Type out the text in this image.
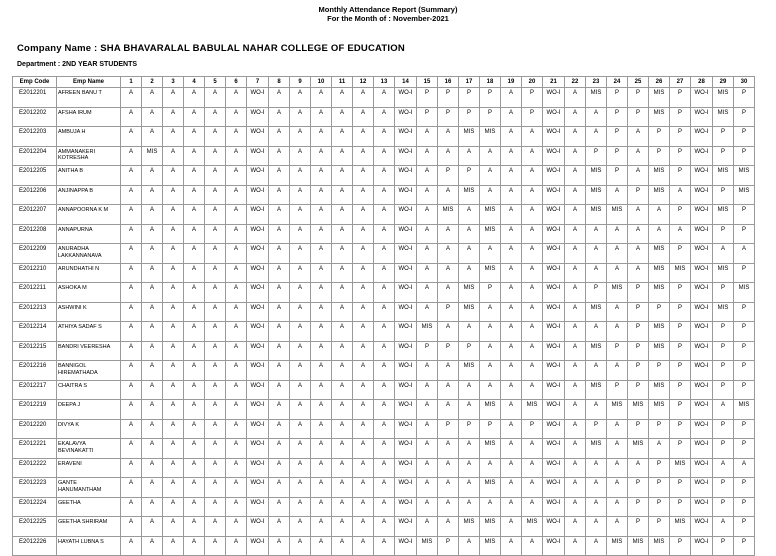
Monthly Attendance Report (Summary)
For the Month of : November-2021
Company Name : SHA BHAVARALAL BABULAL NAHAR COLLEGE OF EDUCATION
Department : 2ND YEAR STUDENTS
Emp Code	Emp Name	1	2	3	4	5	6	7	8	9	10	11	12	13	14	15	16	17	18	19	20	21	22	23	24	25	26	27	28	29	30
E2012201	AFREEN BANU T	A	A	A	A	A	A	WO-I	A	A	A	A	A	A	WO-I	P	P	P	P	A	P	WO-I	A	MIS	P	P	MIS	P	WO-I	MIS	P
E2012202	AFSHA IRUM	A	A	A	A	A	A	WO-I	A	A	A	A	A	A	WO-I	P	P	P	P	A	P	WO-I	A	A	P	P	MIS	P	WO-I	MIS	P
E2012203	AMBUJA H	A	A	A	A	A	A	WO-I	A	A	A	A	A	A	WO-I	A	A	MIS	MIS	A	A	WO-I	A	A	P	A	P	P	WO-I	P	P
E2012204	AMMANAKERI KOTRESHA	A	MIS	A	A	A	A	WO-I	A	A	A	A	A	A	WO-I	A	A	A	A	A	A	WO-I	A	P	P	A	P	P	WO-I	P	P
E2012205	ANITHA B	A	A	A	A	A	A	WO-I	A	A	A	A	A	A	WO-I	A	P	P	A	A	A	WO-I	A	MIS	P	A	MIS	P	WO-I	MIS	MIS
E2012206	ANJINAPPA B	A	A	A	A	A	A	WO-I	A	A	A	A	A	A	WO-I	A	A	MIS	A	A	A	WO-I	A	MIS	A	P	MIS	A	WO-I	P	MIS
E2012207	ANNAPOORNA K M	A	A	A	A	A	A	WO-I	A	A	A	A	A	A	WO-I	A	MIS	A	MIS	A	A	WO-I	A	MIS	MIS	A	A	P	WO-I	MIS	P
E2012208	ANNAPURNA	A	A	A	A	A	A	WO-I	A	A	A	A	A	A	WO-I	A	A	A	MIS	A	A	WO-I	A	A	A	A	A	A	WO-I	P	P
E2012209	ANURADHA LAKKANNANAVA	A	A	A	A	A	A	WO-I	A	A	A	A	A	A	WO-I	A	A	A	A	A	A	WO-I	A	A	A	A	MIS	P	WO-I	A	A
E2012210	ARUNDHATHI N	A	A	A	A	A	A	WO-I	A	A	A	A	A	A	WO-I	A	A	A	MIS	A	A	WO-I	A	A	A	A	MIS	MIS	WO-I	MIS	P
E2012211	ASHOKA M	A	A	A	A	A	A	WO-I	A	A	A	A	A	A	WO-I	A	A	MIS	P	A	A	WO-I	A	P	MIS	P	MIS	P	WO-I	P	MIS
E2012213	ASHWINI K	A	A	A	A	A	A	WO-I	A	A	A	A	A	A	WO-I	A	P	MIS	A	A	A	WO-I	A	MIS	A	P	P	P	WO-I	MIS	P
E2012214	ATHIYA SADAF S	A	A	A	A	A	A	WO-I	A	A	A	A	A	A	WO-I	MIS	A	A	A	A	A	WO-I	A	A	A	P	MIS	P	WO-I	P	P
E2012215	BANDRI VEERESHA	A	A	A	A	A	A	WO-I	A	A	A	A	A	A	WO-I	P	P	P	A	A	A	WO-I	A	MIS	P	P	MIS	P	WO-I	P	P
E2012216	BANNIGOL HIREMATHADA	A	A	A	A	A	A	WO-I	A	A	A	A	A	A	WO-I	A	A	MIS	A	A	A	WO-I	A	A	A	P	P	P	WO-I	P	P
E2012217	CHAITRA S	A	A	A	A	A	A	WO-I	A	A	A	A	A	A	WO-I	A	A	A	A	A	A	WO-I	A	MIS	P	P	MIS	P	WO-I	P	P
E2012219	DEEPA J	A	A	A	A	A	A	WO-I	A	A	A	A	A	A	WO-I	A	A	A	MIS	A	MIS	WO-I	A	A	MIS	MIS	MIS	P	WO-I	A	MIS
E2012220	DIVYA K	A	A	A	A	A	A	WO-I	A	A	A	A	A	A	WO-I	A	P	P	P	A	P	WO-I	A	P	A	P	P	P	WO-I	P	P
E2012221	EKALAVYA BEVINAKATTI	A	A	A	A	A	A	WO-I	A	A	A	A	A	A	WO-I	A	A	A	MIS	A	A	WO-I	A	MIS	A	MIS	A	P	WO-I	P	P
E2012222	ERAVENI	A	A	A	A	A	A	WO-I	A	A	A	A	A	A	WO-I	A	A	A	A	A	A	WO-I	A	A	A	A	P	MIS	WO-I	A	A
E2012223	GANTE HANUMANTHAM	A	A	A	A	A	A	WO-I	A	A	A	A	A	A	WO-I	A	A	A	MIS	A	A	WO-I	A	A	A	P	P	P	WO-I	P	P
E2012224	GEETHA	A	A	A	A	A	A	WO-I	A	A	A	A	A	A	WO-I	A	A	A	A	A	A	WO-I	A	A	A	P	P	P	WO-I	P	P
E2012225	GEETHA SHRIRAM	A	A	A	A	A	A	WO-I	A	A	A	A	A	A	WO-I	A	A	MIS	MIS	A	MIS	WO-I	A	A	A	P	P	MIS	WO-I	A	P
E2012226	HAYATH LUBNA S	A	A	A	A	A	A	WO-I	A	A	A	A	A	A	WO-I	MIS	P	A	MIS	A	A	WO-I	A	A	MIS	MIS	MIS	P	WO-I	P	P
